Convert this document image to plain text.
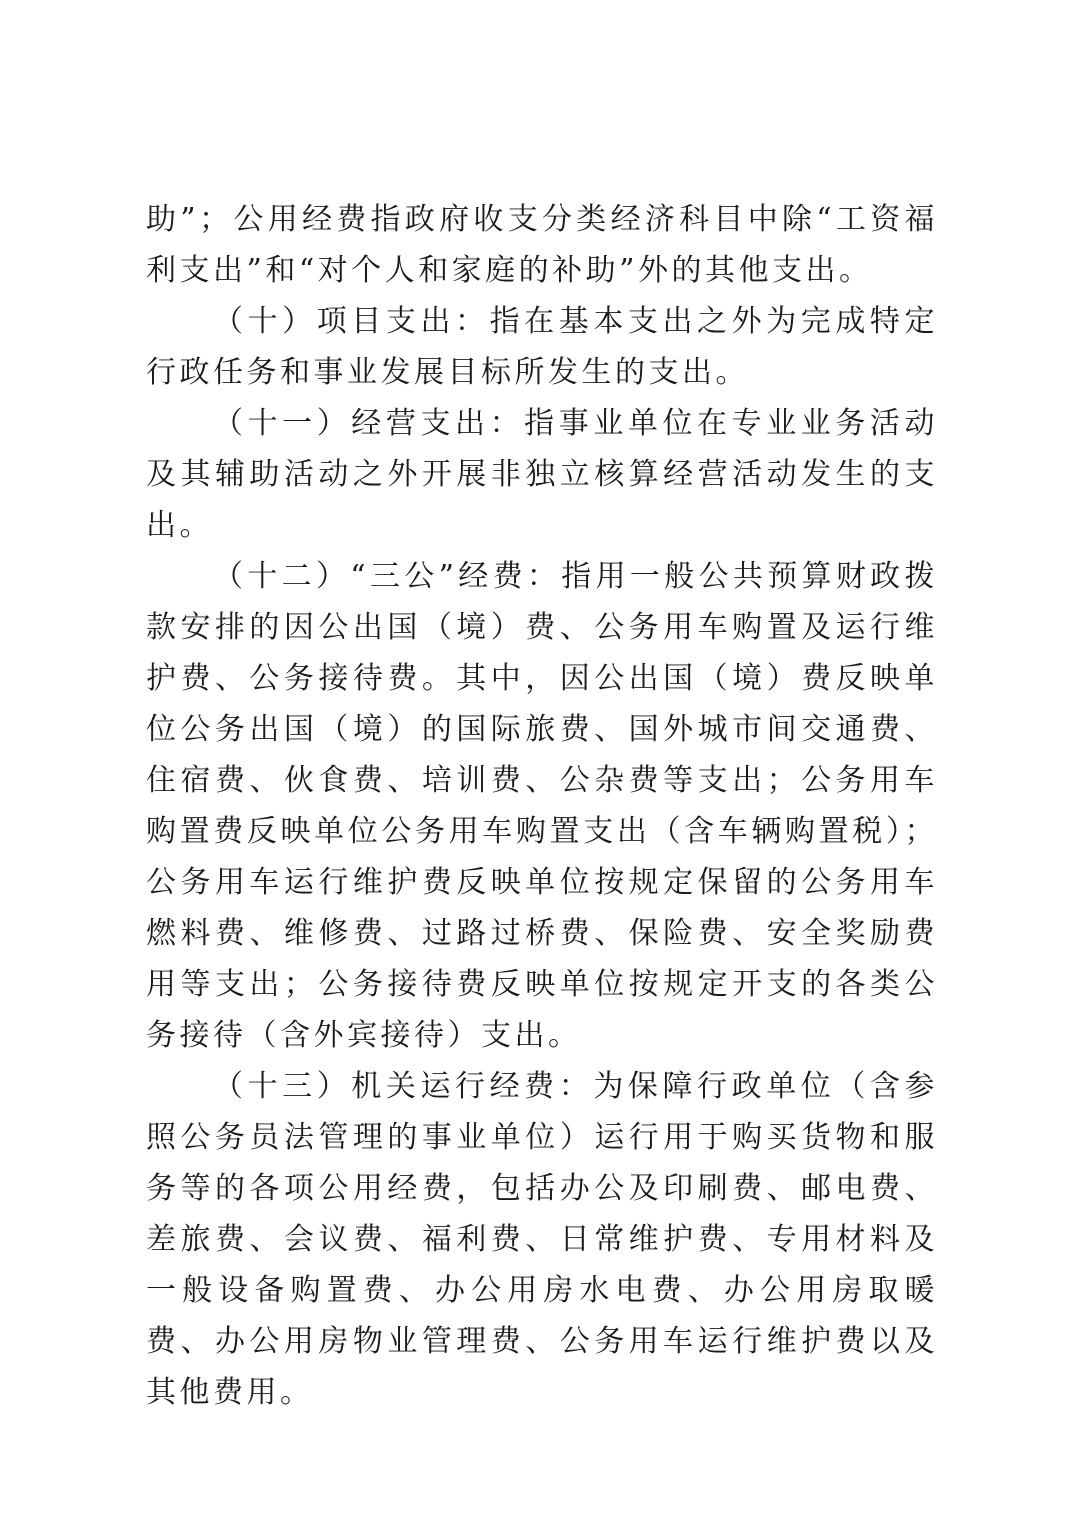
助”；公用经费指政府收支分类经济科目中除“工资福利支出”和“对个人和家庭的补助”外的其他支出。

（十）项目支出：指在基本支出之外为完成特定行政任务和事业发展目标所发生的支出。

（十一）经营支出：指事业单位在专业业务活动及其辅助活动之外开展非独立核算经营活动发生的支出。

（十二）“三公”经费：指用一般公共预算财政拨款安排的因公出国（境）费、公务用车购置及运行维护费、公务接待费。其中，因公出国（境）费反映单位公务出国（境）的国际旅费、国外城市间交通费、住宿费、伙食费、培训费、公杂费等支出；公务用车购置费反映单位公务用车购置支出（含车辆购置税）；公务用车运行维护费反映单位按规定保留的公务用车燃料费、维修费、过路过桥费、保险费、安全奖励费用等支出；公务接待费反映单位按规定开支的各类公务接待（含外宾接待）支出。

（十三）机关运行经费：为保障行政单位（含参照公务员法管理的事业单位）运行用于购买货物和服务等的各项公用经费，包括办公及印刷费、邮电费、差旅费、会议费、福利费、日常维护费、专用材料及一般设备购置费、办公用房水电费、办公用房取暖费、办公用房物业管理费、公务用车运行维护费以及其他费用。
